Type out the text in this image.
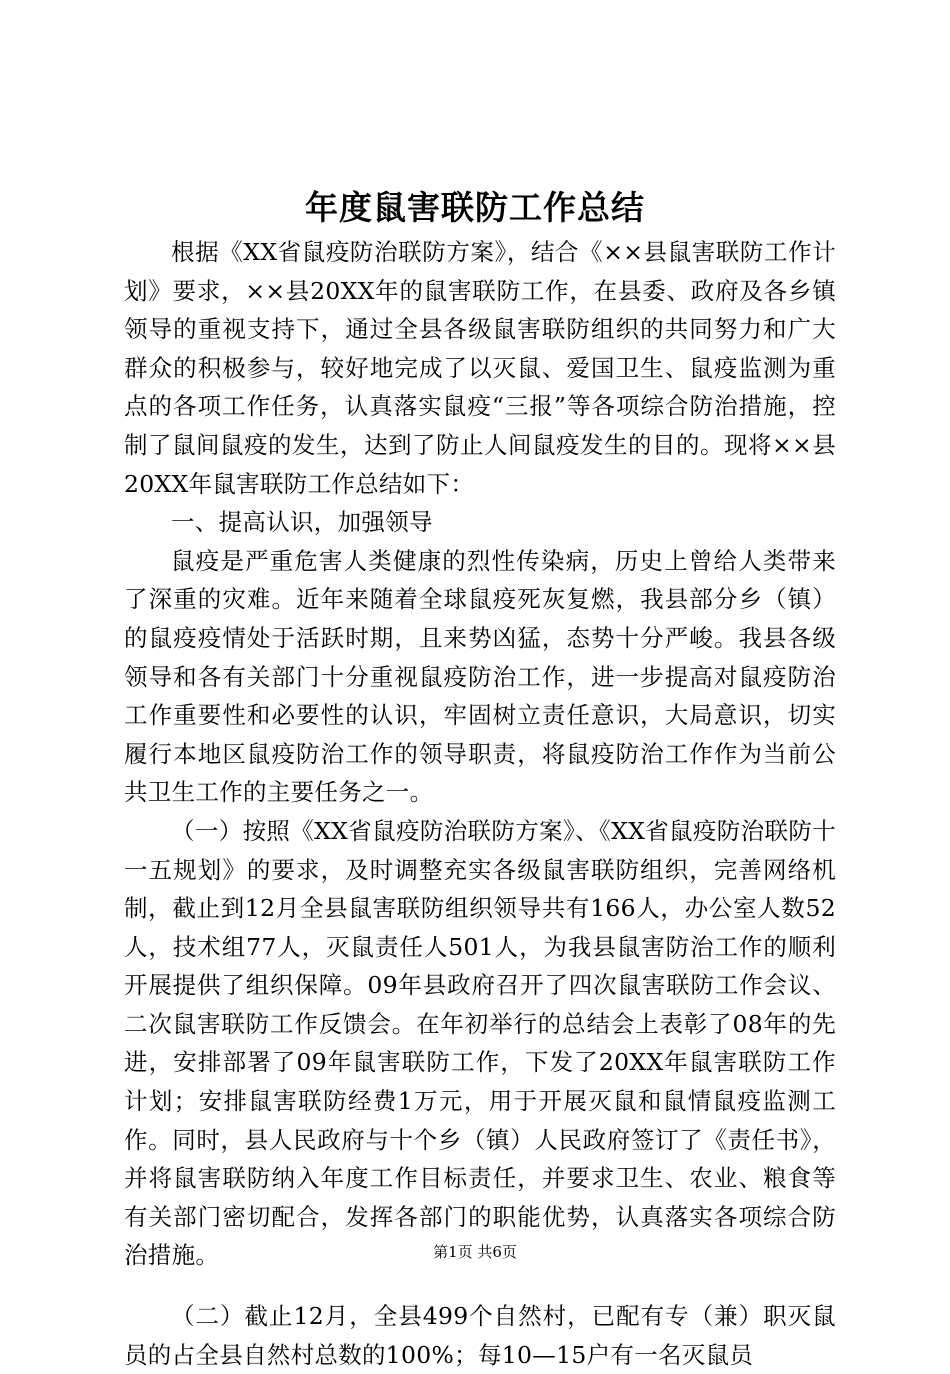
年度鼠害联防工作总结

根据《XX省鼠疫防治联防方案》，结合《××县鼠害联防工作计划》要求，××县20XX年的鼠害联防工作，在县委、政府及各乡镇领导的重视支持下，通过全县各级鼠害联防组织的共同努力和广大群众的积极参与，较好地完成了以灭鼠、爱国卫生、鼠疫监测为重点的各项工作任务，认真落实鼠疫“三报”等各项综合防治措施，控制了鼠间鼠疫的发生，达到了防止人间鼠疫发生的目的。现将××县20XX年鼠害联防工作总结如下：

一、提高认识，加强领导

鼠疫是严重危害人类健康的烈性传染病，历史上曾给人类带来了深重的灾难。近年来随着全球鼠疫死灰复燃，我县部分乡（镇）的鼠疫疫情处于活跃时期，且来势凶猛，态势十分严峻。我县各级领导和各有关部门十分重视鼠疫防治工作，进一步提高对鼠疫防治工作重要性和必要性的认识，牢固树立责任意识，大局意识，切实履行本地区鼠疫防治工作的领导职责，将鼠疫防治工作作为当前公共卫生工作的主要任务之一。

（一）按照《XX省鼠疫防治联防方案》、《XX省鼠疫防治联防十一五规划》的要求，及时调整充实各级鼠害联防组织，完善网络机制，截止到12月全县鼠害联防组织领导共有166人，办公室人数52人，技术组77人，灭鼠责任人501人，为我县鼠害防治工作的顺利开展提供了组织保障。09年县政府召开了四次鼠害联防工作会议、二次鼠害联防工作反馈会。在年初举行的总结会上表彰了08年的先进，安排部署了09年鼠害联防工作，下发了20XX年鼠害联防工作计划；安排鼠害联防经费1万元，用于开展灭鼠和鼠情鼠疫监测工作。同时，县人民政府与十个乡（镇）人民政府签订了《责任书》，并将鼠害联防纳入年度工作目标责任，并要求卫生、农业、粮食等有关部门密切配合，发挥各部门的职能优势，认真落实各项综合防治措施。

（二）截止12月，全县499个自然村，已配有专（兼）职灭鼠员的占全县自然村总数的100%；每10—15户有一名灭鼠员

第1页 共6页
